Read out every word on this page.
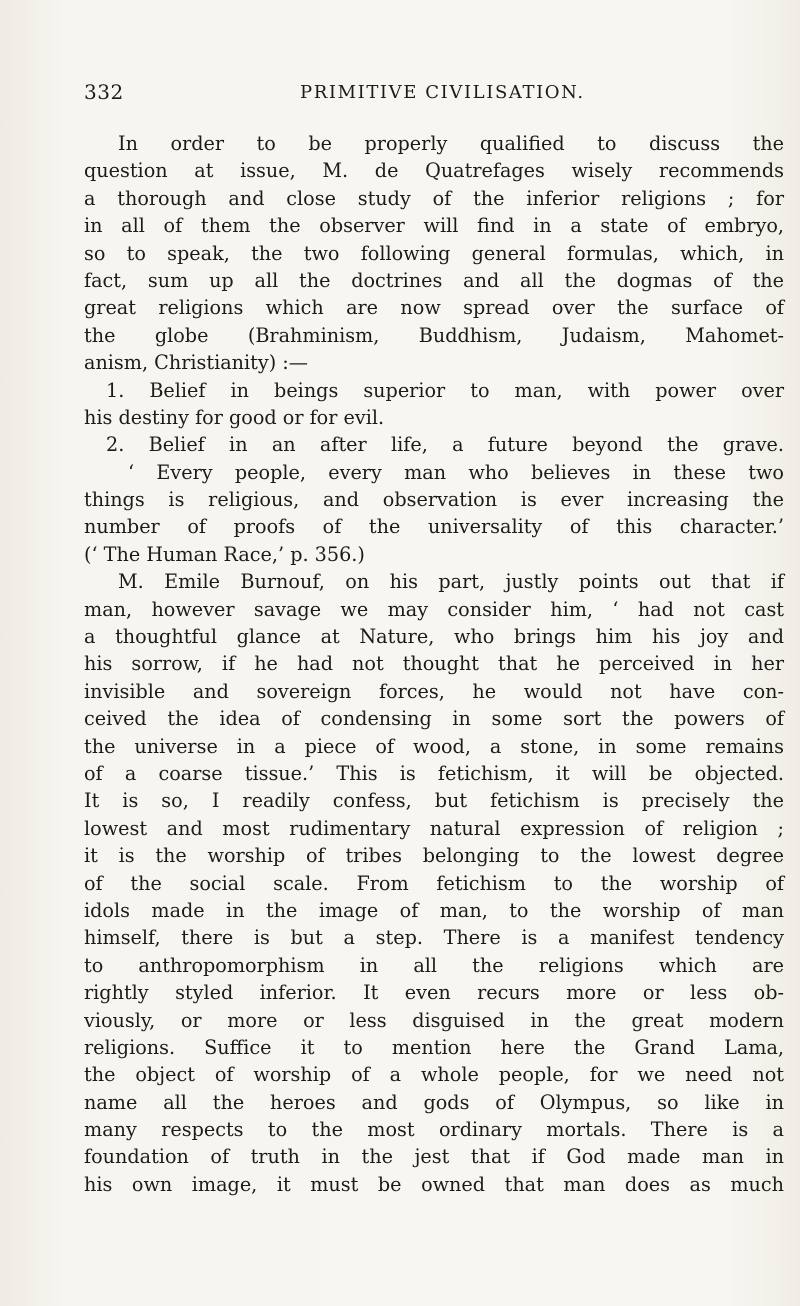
332	PRIMITIVE CIVILISATION.
In order to be properly qualified to discuss the
question at issue, M. de Quatrefages wisely recommends
a thorough and close study of the inferior religions ; for
in all of them the observer will find in a state of embryo,
so to speak, the two following general formulas, which, in
fact, sum up all the doctrines and all the dogmas of the
great religions which are now spread over the surface of
the globe (Brahminism, Buddhism, Judaism, Mahomet-
anism, Christianity) :—
1. Belief in beings superior to man, with power over
his destiny for good or for evil.
2. Belief in an after life, a future beyond the grave.
‘ Every people, every man who believes in these two
things is religious, and observation is ever increasing the
number of proofs of the universality of this character.’
(‘ The Human Race,’ p. 356.)
M. Emile Burnouf, on his part, justly points out that if
man, however savage we may consider him, ‘ had not cast
a thoughtful glance at Nature, who brings him his joy and
his sorrow, if he had not thought that he perceived in her
invisible and sovereign forces, he would not have con-
ceived the idea of condensing in some sort the powers of
the universe in a piece of wood, a stone, in some remains
of a coarse tissue.’ This is fetichism, it will be objected.
It is so, I readily confess, but fetichism is precisely the
lowest and most rudimentary natural expression of religion ;
it is the worship of tribes belonging to the lowest degree
of the social scale. From fetichism to the worship of
idols made in the image of man, to the worship of man
himself, there is but a step. There is a manifest tendency
to anthropomorphism in all the religions which are
rightly styled inferior. It even recurs more or less ob-
viously, or more or less disguised in the great modern
religions. Suffice it to mention here the Grand Lama,
the object of worship of a whole people, for we need not
name all the heroes and gods of Olympus, so like in
many respects to the most ordinary mortals. There is a
foundation of truth in the jest that if God made man in
his own image, it must be owned that man does as much
